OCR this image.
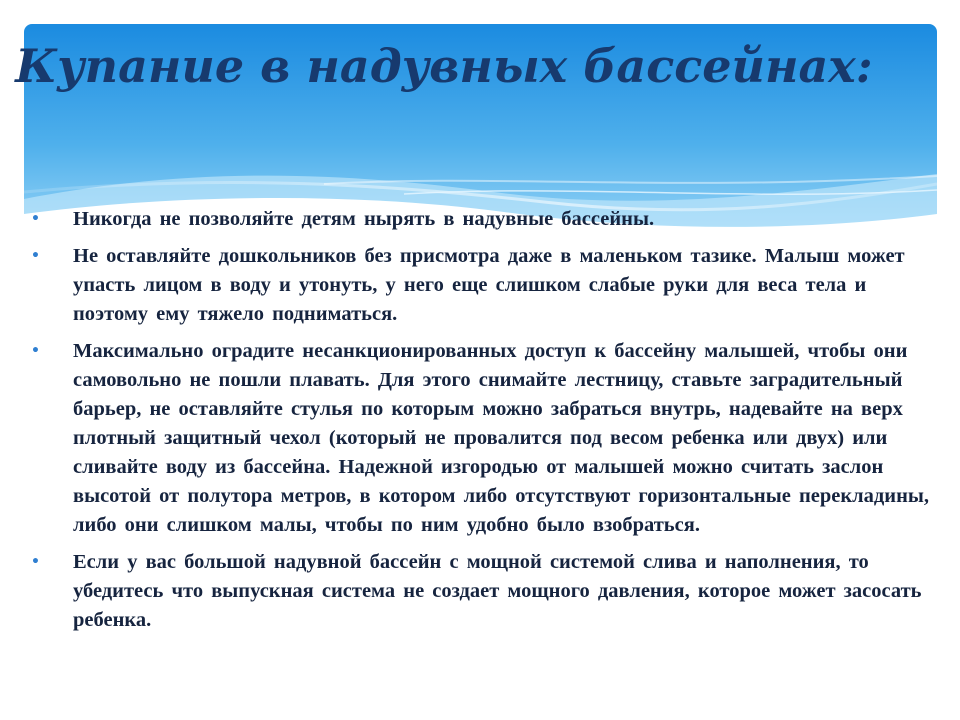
Купание в надувных бассейнах:
• Никогда не позволяйте детям нырять в надувные бассейны.
• Не оставляйте дошкольников без присмотра даже в маленьком тазике. Малыш может упасть лицом в воду и утонуть, у него еще слишком слабые руки для веса тела и поэтому ему тяжело подниматься.
• Максимально оградите несанкционированных доступ к бассейну малышей, чтобы они самовольно не пошли плавать. Для этого снимайте лестницу, ставьте заградительный барьер, не оставляйте стулья по которым можно забраться внутрь, надевайте на верх плотный защитный чехол (который не провалится под весом ребенка или двух) или сливайте воду из бассейна. Надежной изгородью от малышей можно считать заслон высотой от полутора метров, в котором либо отсутствуют горизонтальные перекладины, либо они слишком малы, чтобы по ним удобно было взобраться.
• Если у вас большой надувной бассейн с мощной системой слива и наполнения, то убедитесь что выпускная система не создает мощного давления, которое может засосать ребенка.
